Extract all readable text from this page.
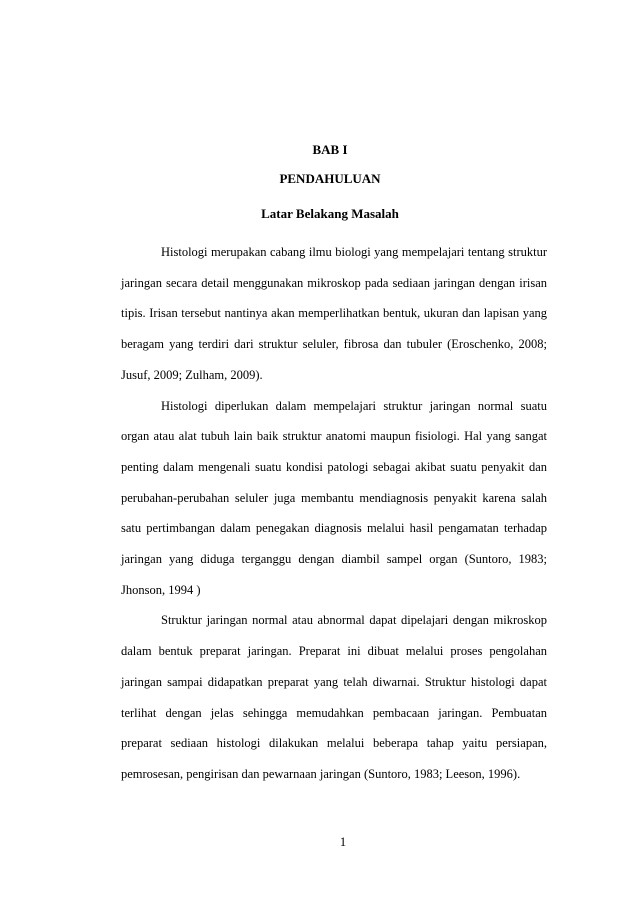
BAB I
PENDAHULUAN
Latar Belakang Masalah

Histologi merupakan cabang ilmu biologi yang mempelajari tentang struktur jaringan secara detail menggunakan mikroskop pada sediaan jaringan dengan irisan tipis. Irisan tersebut nantinya akan memperlihatkan bentuk, ukuran dan lapisan yang beragam yang terdiri dari struktur seluler, fibrosa dan tubuler (Eroschenko, 2008; Jusuf, 2009; Zulham, 2009).

Histologi diperlukan dalam mempelajari struktur jaringan normal suatu organ atau alat tubuh lain baik struktur anatomi maupun fisiologi. Hal yang sangat penting dalam mengenali suatu kondisi patologi sebagai akibat suatu penyakit dan perubahan-perubahan seluler juga membantu mendiagnosis penyakit karena salah satu pertimbangan dalam penegakan diagnosis melalui hasil pengamatan terhadap jaringan yang diduga terganggu dengan diambil sampel organ (Suntoro, 1983; Jhonson, 1994 )

Struktur jaringan normal atau abnormal dapat dipelajari dengan mikroskop dalam bentuk preparat jaringan. Preparat ini dibuat melalui proses pengolahan jaringan sampai didapatkan preparat yang telah diwarnai. Struktur histologi dapat terlihat dengan jelas sehingga memudahkan pembacaan jaringan. Pembuatan preparat sediaan histologi dilakukan melalui beberapa tahap yaitu persiapan, pemrosesan, pengirisan dan pewarnaan jaringan (Suntoro, 1983; Leeson, 1996).

1
